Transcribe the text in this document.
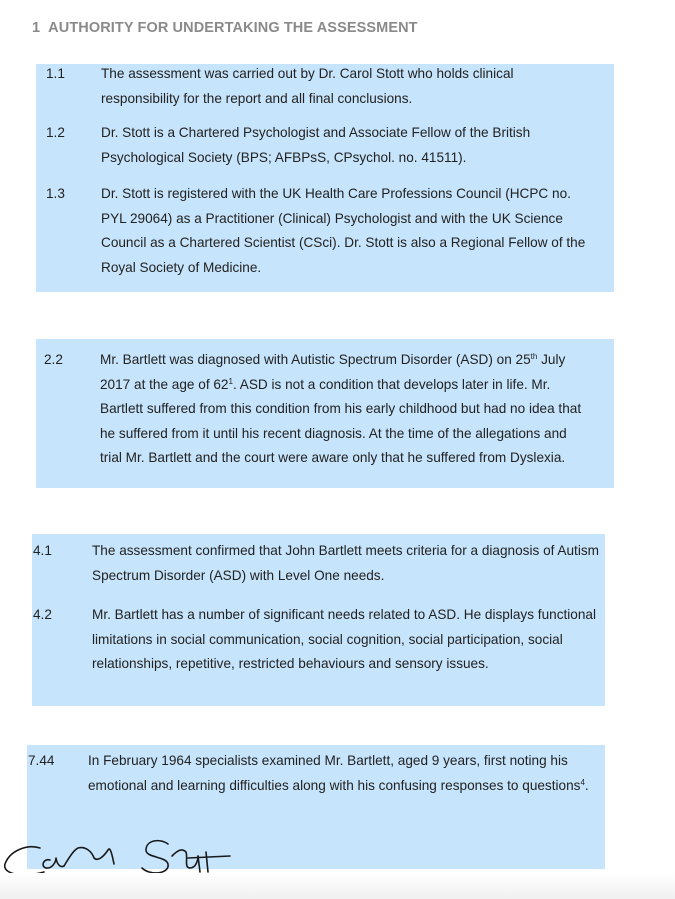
1 AUTHORITY FOR UNDERTAKING THE ASSESSMENT
1.1	The assessment was carried out by Dr. Carol Stott who holds clinical responsibility for the report and all final conclusions.
1.2	Dr. Stott is a Chartered Psychologist and Associate Fellow of the British Psychological Society (BPS; AFBPsS, CPsychol. no. 41511).
1.3	Dr. Stott is registered with the UK Health Care Professions Council (HCPC no. PYL 29064) as a Practitioner (Clinical) Psychologist and with the UK Science Council as a Chartered Scientist (CSci). Dr. Stott is also a Regional Fellow of the Royal Society of Medicine.
2.2	Mr. Bartlett was diagnosed with Autistic Spectrum Disorder (ASD) on 25th July 2017 at the age of $62^1$. ASD is not a condition that develops later in life. Mr. Bartlett suffered from this condition from his early childhood but had no idea that he suffered from it until his recent diagnosis. At the time of the allegations and trial Mr. Bartlett and the court were aware only that he suffered from Dyslexia.
4.1	The assessment confirmed that John Bartlett meets criteria for a diagnosis of Autism Spectrum Disorder (ASD) with Level One needs.
4.2	Mr. Bartlett has a number of significant needs related to ASD. He displays functional limitations in social communication, social cognition, social participation, social relationships, repetitive, restricted behaviours and sensory issues.
7.44 In February 1964 specialists examined Mr. Bartlett, aged 9 years, first noting his emotional and learning difficulties along with his confusing responses to questions$^4$.
